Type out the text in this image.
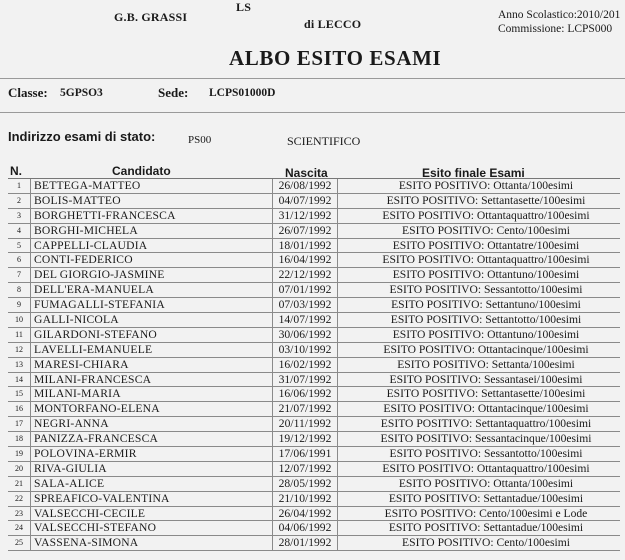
LS
G.B. GRASSI	di LECCO
Anno Scolastico:2010/201
Commissione: LCPS000
ALBO ESITO ESAMI
Classe: 5GPSO3	Sede: LCPS01000D
Indirizzo esami di stato:	PS00	SCIENTIFICO
N.	Candidato	Nascita	Esito finale Esami
1	BETTEGA-MATTEO	26/08/1992	ESITO POSITIVO: Ottanta/100esimi
2	BOLIS-MATTEO	04/07/1992	ESITO POSITIVO: Settantasette/100esimi
3	BORGHETTI-FRANCESCA	31/12/1992	ESITO POSITIVO: Ottantaquattro/100esimi
4	BORGHI-MICHELA	26/07/1992	ESITO POSITIVO: Cento/100esimi
5	CAPPELLI-CLAUDIA	18/01/1992	ESITO POSITIVO: Ottantatre/100esimi
6	CONTI-FEDERICO	16/04/1992	ESITO POSITIVO: Ottantaquattro/100esimi
7	DEL GIORGIO-JASMINE	22/12/1992	ESITO POSITIVO: Ottantuno/100esimi
8	DELL'ERA-MANUELA	07/01/1992	ESITO POSITIVO: Sessantotto/100esimi
9	FUMAGALLI-STEFANIA	07/03/1992	ESITO POSITIVO: Settantuno/100esimi
10 GALLI-NICOLA	14/07/1992	ESITO POSITIVO: Settantotto/100esimi
11 GILARDONI-STEFANO	30/06/1992	ESITO POSITIVO: Ottantuno/100esimi
12 LAVELLI-EMANUELE	03/10/1992	ESITO POSITIVO: Ottantacinque/100esimi
13 MARESI-CHIARA	16/02/1992	ESITO POSITIVO: Settanta/100esimi
14 MILANI-FRANCESCA	31/07/1992	ESITO POSITIVO: Sessantasei/100esimi
15 MILANI-MARIA	16/06/1992	ESITO POSITIVO: Settantasette/100esimi
16 MONTORFANO-ELENA	21/07/1992	ESITO POSITIVO: Ottantacinque/100esimi
17 NEGRI-ANNA	20/11/1992	ESITO POSITIVO: Settantaquattro/100esimi
18 PANIZZA-FRANCESCA	19/12/1992	ESITO POSITIVO: Sessantacinque/100esimi
19 POLOVINA-ERMIR	17/06/1991	ESITO POSITIVO: Sessantotto/100esimi
20 RIVA-GIULIA	12/07/1992	ESITO POSITIVO: Ottantaquattro/100esimi
21 SALA-ALICE	28/05/1992	ESITO POSITIVO: Ottanta/100esimi
22 SPREAFICO-VALENTINA	21/10/1992	ESITO POSITIVO: Settantadue/100esimi
23 VALSECCHI-CECILE	26/04/1992	ESITO POSITIVO: Cento/100esimi e Lode
24 VALSECCHI-STEFANO	04/06/1992	ESITO POSITIVO: Settantadue/100esimi
25 VASSENA-SIMONA	28/01/1992	ESITO POSITIVO: Cento/100esimi
